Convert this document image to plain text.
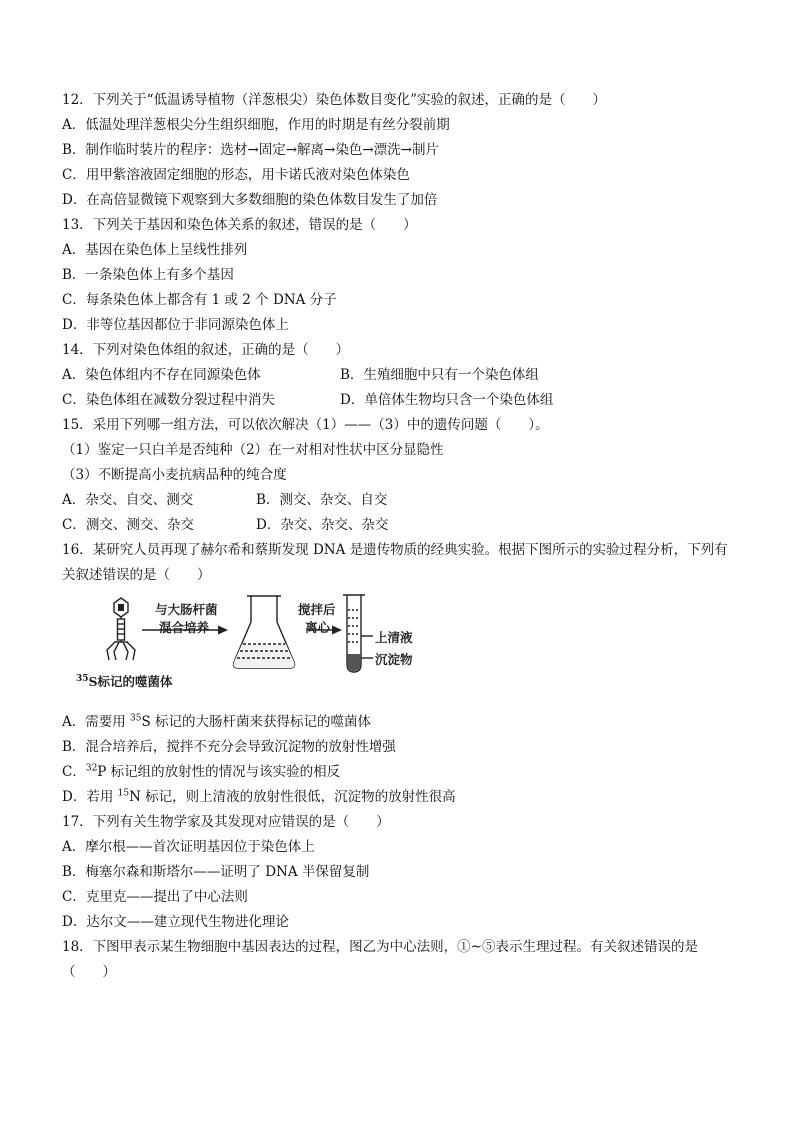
12．下列关于“低温诱导植物（洋葱根尖）染色体数目变化”实验的叙述，正确的是（　　）
A．低温处理洋葱根尖分生组织细胞，作用的时期是有丝分裂前期
B．制作临时装片的程序：选材→固定→解离→染色→漂洗→制片
C．用甲紫溶液固定细胞的形态，用卡诺氏液对染色体染色
D．在高倍显微镜下观察到大多数细胞的染色体数目发生了加倍
13．下列关于基因和染色体关系的叙述，错误的是（　　）
A．基因在染色体上呈线性排列
B．一条染色体上有多个基因
C．每条染色体上都含有 1 或 2 个 DNA 分子
D．非等位基因都位于非同源染色体上
14．下列对染色体组的叙述，正确的是（　　）
A．染色体组内不存在同源染色体	B．生殖细胞中只有一个染色体组
C．染色体组在减数分裂过程中消失	D．单倍体生物均只含一个染色体组
15．采用下列哪一组方法，可以依次解决（1）——（3）中的遗传问题（　　）。
（1）鉴定一只白羊是否纯种（2）在一对相对性状中区分显隐性
（3）不断提高小麦抗病品种的纯合度
A．杂交、自交、测交	B．测交、杂交、自交
C．测交、测交、杂交	D．杂交、杂交、杂交
16．某研究人员再现了赫尔希和蔡斯发现 DNA 是遗传物质的经典实验。根据下图所示的实验过程分析，下列有关叙述错误的是（　　）
与大肠杆菌
混合培养
搅拌后
离心
上清液
沉淀物
$^{35}$S标记的噬菌体
A．需要用 $^{35}$S 标记的大肠杆菌来获得标记的噬菌体
B．混合培养后，搅拌不充分会导致沉淀物的放射性增强
C．$^{32}$P 标记组的放射性的情况与该实验的相反
D．若用 $^{15}$N 标记，则上清液的放射性很低，沉淀物的放射性很高
17．下列有关生物学家及其发现对应错误的是（　　）
A．摩尔根——首次证明基因位于染色体上
B．梅塞尔森和斯塔尔——证明了 DNA 半保留复制
C．克里克——提出了中心法则
D．达尔文——建立现代生物进化理论
18．下图甲表示某生物细胞中基因表达的过程，图乙为中心法则，①~⑤表示生理过程。有关叙述错误的是
（　　）
